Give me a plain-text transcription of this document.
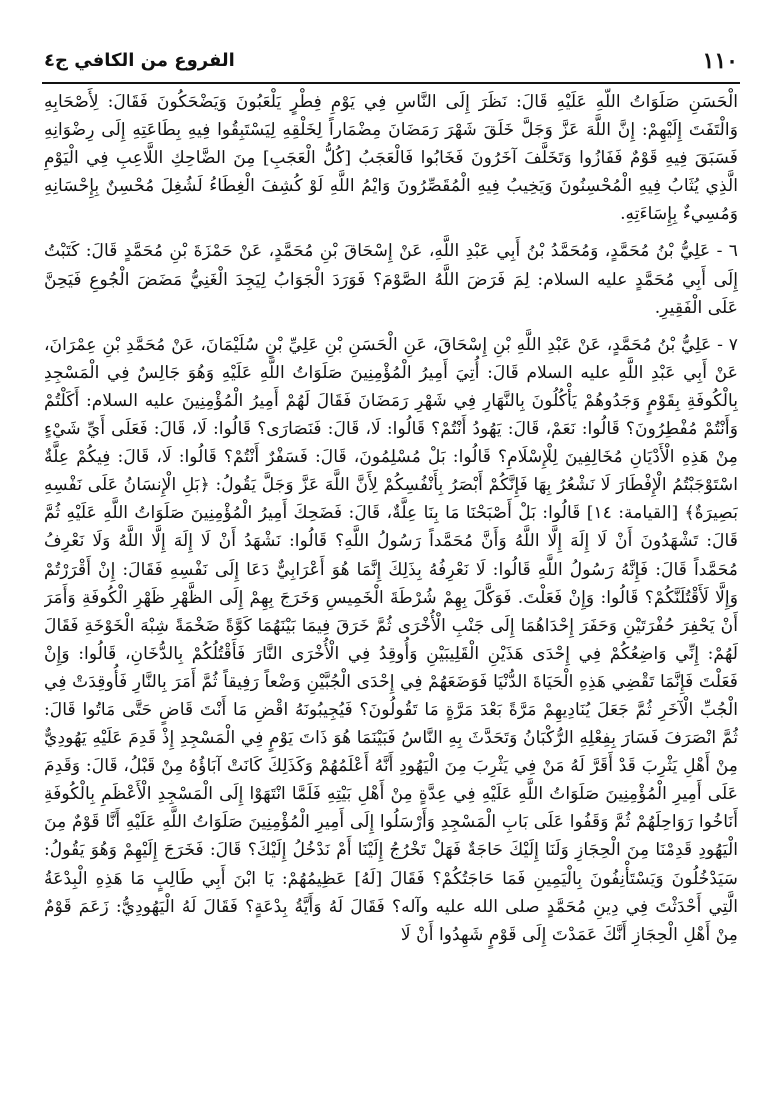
١١٠
الفروع من الكافي ج٤

الْحَسَنِ صَلَوَاتُ اللَّهِ عَلَيْهِ قَالَ: نَظَرَ إِلَى النَّاسِ فِي يَوْمِ فِطْرٍ يَلْعَبُونَ وَيَضْحَكُونَ فَقَالَ: لِأَصْحَابِهِ وَالْتَفَتَ إِلَيْهِمْ: إِنَّ اللَّهَ عَزَّ وَجَلَّ خَلَقَ شَهْرَ رَمَضَانَ مِضْمَاراً لِخَلْقِهِ لِيَسْتَبِقُوا فِيهِ بِطَاعَتِهِ إِلَى رِضْوَانِهِ فَسَبَقَ فِيهِ قَوْمٌ فَفَازُوا وَتَخَلَّفَ آخَرُونَ فَخَابُوا فَالْعَجَبُ [كُلُّ الْعَجَبِ] مِنَ الضَّاحِكِ اللَّاعِبِ فِي الْيَوْمِ الَّذِي يُثَابُ فِيهِ الْمُحْسِنُونَ وَيَخِيبُ فِيهِ الْمُقَصِّرُونَ وَايْمُ اللَّهِ لَوْ كُشِفَ الْغِطَاءُ لَشُغِلَ مُحْسِنٌ بِإِحْسَانِهِ وَمُسِيءٌ بِإِسَاءَتِهِ.

٦ - عَلِيُّ بْنُ مُحَمَّدٍ، وَمُحَمَّدُ بْنُ أَبِي عَبْدِ اللَّهِ، عَنْ إِسْحَاقَ بْنِ مُحَمَّدٍ، عَنْ حَمْزَةَ بْنِ مُحَمَّدٍ قَالَ: كَتَبْتُ إِلَى أَبِي مُحَمَّدٍ عليه السلام: لِمَ فَرَضَ اللَّهُ الصَّوْمَ؟ فَوَرَدَ الْجَوَابُ لِيَجِدَ الْغَنِيُّ مَضَضَ الْجُوعِ فَيَحِنَّ عَلَى الْفَقِيرِ.

٧ - عَلِيُّ بْنُ مُحَمَّدٍ، عَنْ عَبْدِ اللَّهِ بْنِ إِسْحَاقَ، عَنِ الْحَسَنِ بْنِ عَلِيِّ بْنِ سُلَيْمَانَ، عَنْ مُحَمَّدِ بْنِ عِمْرَانَ، عَنْ أَبِي عَبْدِ اللَّهِ عليه السلام قَالَ: أُتِيَ أَمِيرُ الْمُؤْمِنِينَ صَلَوَاتُ اللَّهِ عَلَيْهِ وَهُوَ جَالِسٌ فِي الْمَسْجِدِ بِالْكُوفَةِ بِقَوْمٍ وَجَدُوهُمْ يَأْكُلُونَ بِالنَّهَارِ فِي شَهْرِ رَمَضَانَ فَقَالَ لَهُمْ أَمِيرُ الْمُؤْمِنِينَ عليه السلام: أَكَلْتُمْ وَأَنْتُمْ مُفْطِرُونَ؟ قَالُوا: نَعَمْ، قَالَ: يَهُودُ أَنْتُمْ؟ قَالُوا: لَا، قَالَ: فَنَصَارَى؟ قَالُوا: لَا، قَالَ: فَعَلَى أَيِّ شَيْءٍ مِنْ هَذِهِ الْأَدْيَانِ مُخَالِفِينَ لِلْإِسْلَامِ؟ قَالُوا: بَلْ مُسْلِمُونَ، قَالَ: فَسَفْرٌ أَنْتُمْ؟ قَالُوا: لَا، قَالَ: فِيكُمْ عِلَّةٌ اسْتَوْجَبْتُمُ الْإِفْطَارَ لَا نَشْعُرُ بِهَا فَإِنَّكُمْ أَبْصَرُ بِأَنْفُسِكُمْ لِأَنَّ اللَّهَ عَزَّ وَجَلَّ يَقُولُ: ﴿بَلِ الْإِنسَانُ عَلَى نَفْسِهِ بَصِيرَةٌ﴾ [القيامة: ١٤] قَالُوا: بَلْ أَصْبَحْنَا مَا بِنَا عِلَّةٌ، قَالَ: فَضَحِكَ أَمِيرُ الْمُؤْمِنِينَ صَلَوَاتُ اللَّهِ عَلَيْهِ ثُمَّ قَالَ: تَشْهَدُونَ أَنْ لَا إِلَهَ إِلَّا اللَّهُ وَأَنَّ مُحَمَّداً رَسُولُ اللَّهِ؟ قَالُوا: نَشْهَدُ أَنْ لَا إِلَهَ إِلَّا اللَّهُ وَلَا نَعْرِفُ مُحَمَّداً قَالَ: فَإِنَّهُ رَسُولُ اللَّهِ قَالُوا: لَا نَعْرِفُهُ بِذَلِكَ إِنَّمَا هُوَ أَعْرَابِيٌّ دَعَا إِلَى نَفْسِهِ فَقَالَ: إِنْ أَقْرَرْتُمْ وَإِلَّا لَأَقْتُلَنَّكُمْ؟ قَالُوا: وَإِنْ فَعَلْتَ. فَوَكَّلَ بِهِمْ شُرْطَةَ الْخَمِيسِ وَخَرَجَ بِهِمْ إِلَى الظَّهْرِ ظَهْرِ الْكُوفَةِ وَأَمَرَ أَنْ يَحْفِرَ حُفْرَتَيْنِ وَحَفَرَ إِحْدَاهُمَا إِلَى جَنْبِ الْأُخْرَى ثُمَّ خَرَقَ فِيمَا بَيْنَهُمَا كَوَّةً ضَخْمَةً شِبْهَ الْخَوْخَةِ فَقَالَ لَهُمْ: إِنِّي وَاضِعُكُمْ فِي إِحْدَى هَذَيْنِ الْقَلِيبَيْنِ وَأُوقِدُ فِي الْأُخْرَى النَّارَ فَأَقْتُلُكُمْ بِالدُّخَانِ، قَالُوا: وَإِنْ فَعَلْتَ فَإِنَّمَا تَقْضِي هَذِهِ الْحَيَاةَ الدُّنْيَا فَوَضَعَهُمْ فِي إِحْدَى الْجُبَّيْنِ وَضْعاً رَفِيقاً ثُمَّ أَمَرَ بِالنَّارِ فَأُوقِدَتْ فِي الْجُبِّ الْآخَرِ ثُمَّ جَعَلَ يُنَادِيهِمْ مَرَّةً بَعْدَ مَرَّةٍ مَا تَقُولُونَ؟ فَيُجِيبُونَهُ اقْضِ مَا أَنْتَ قَاضٍ حَتَّى مَاتُوا قَالَ: ثُمَّ انْصَرَفَ فَسَارَ بِفِعْلِهِ الرُّكْبَانُ وَتَحَدَّثَ بِهِ النَّاسُ فَبَيْنَمَا هُوَ ذَاتَ يَوْمٍ فِي الْمَسْجِدِ إِذْ قَدِمَ عَلَيْهِ يَهُودِيٌّ مِنْ أَهْلِ يَثْرِبَ قَدْ أَقَرَّ لَهُ مَنْ فِي يَثْرِبَ مِنَ الْيَهُودِ أَنَّهُ أَعْلَمُهُمْ وَكَذَلِكَ كَانَتْ آبَاؤُهُ مِنْ قَبْلُ، قَالَ: وَقَدِمَ عَلَى أَمِيرِ الْمُؤْمِنِينَ صَلَوَاتُ اللَّهِ عَلَيْهِ فِي عِدَّةٍ مِنْ أَهْلِ بَيْتِهِ فَلَمَّا انْتَهَوْا إِلَى الْمَسْجِدِ الْأَعْظَمِ بِالْكُوفَةِ أَنَاخُوا رَوَاحِلَهُمْ ثُمَّ وَقَفُوا عَلَى بَابِ الْمَسْجِدِ وَأَرْسَلُوا إِلَى أَمِيرِ الْمُؤْمِنِينَ صَلَوَاتُ اللَّهِ عَلَيْهِ أَنَّا قَوْمٌ مِنَ الْيَهُودِ قَدِمْنَا مِنَ الْحِجَازِ وَلَنَا إِلَيْكَ حَاجَةٌ فَهَلْ تَخْرُجُ إِلَيْنَا أَمْ نَدْخُلُ إِلَيْكَ؟ قَالَ: فَخَرَجَ إِلَيْهِمْ وَهُوَ يَقُولُ: سَيَدْخُلُونَ وَيَسْتَأْنِفُونَ بِالْيَمِينِ فَمَا حَاجَتُكُمْ؟ فَقَالَ [لَهُ] عَظِيمُهُمْ: يَا ابْنَ أَبِي طَالِبٍ مَا هَذِهِ الْبِدْعَةُ الَّتِي أَحْدَثْتَ فِي دِينِ مُحَمَّدٍ صلى الله عليه وآله؟ فَقَالَ لَهُ وَأَيَّةُ بِدْعَةٍ؟ فَقَالَ لَهُ الْيَهُودِيُّ: زَعَمَ قَوْمٌ مِنْ أَهْلِ الْحِجَازِ أَنَّكَ عَمَدْتَ إِلَى قَوْمٍ شَهِدُوا أَنْ لَا
